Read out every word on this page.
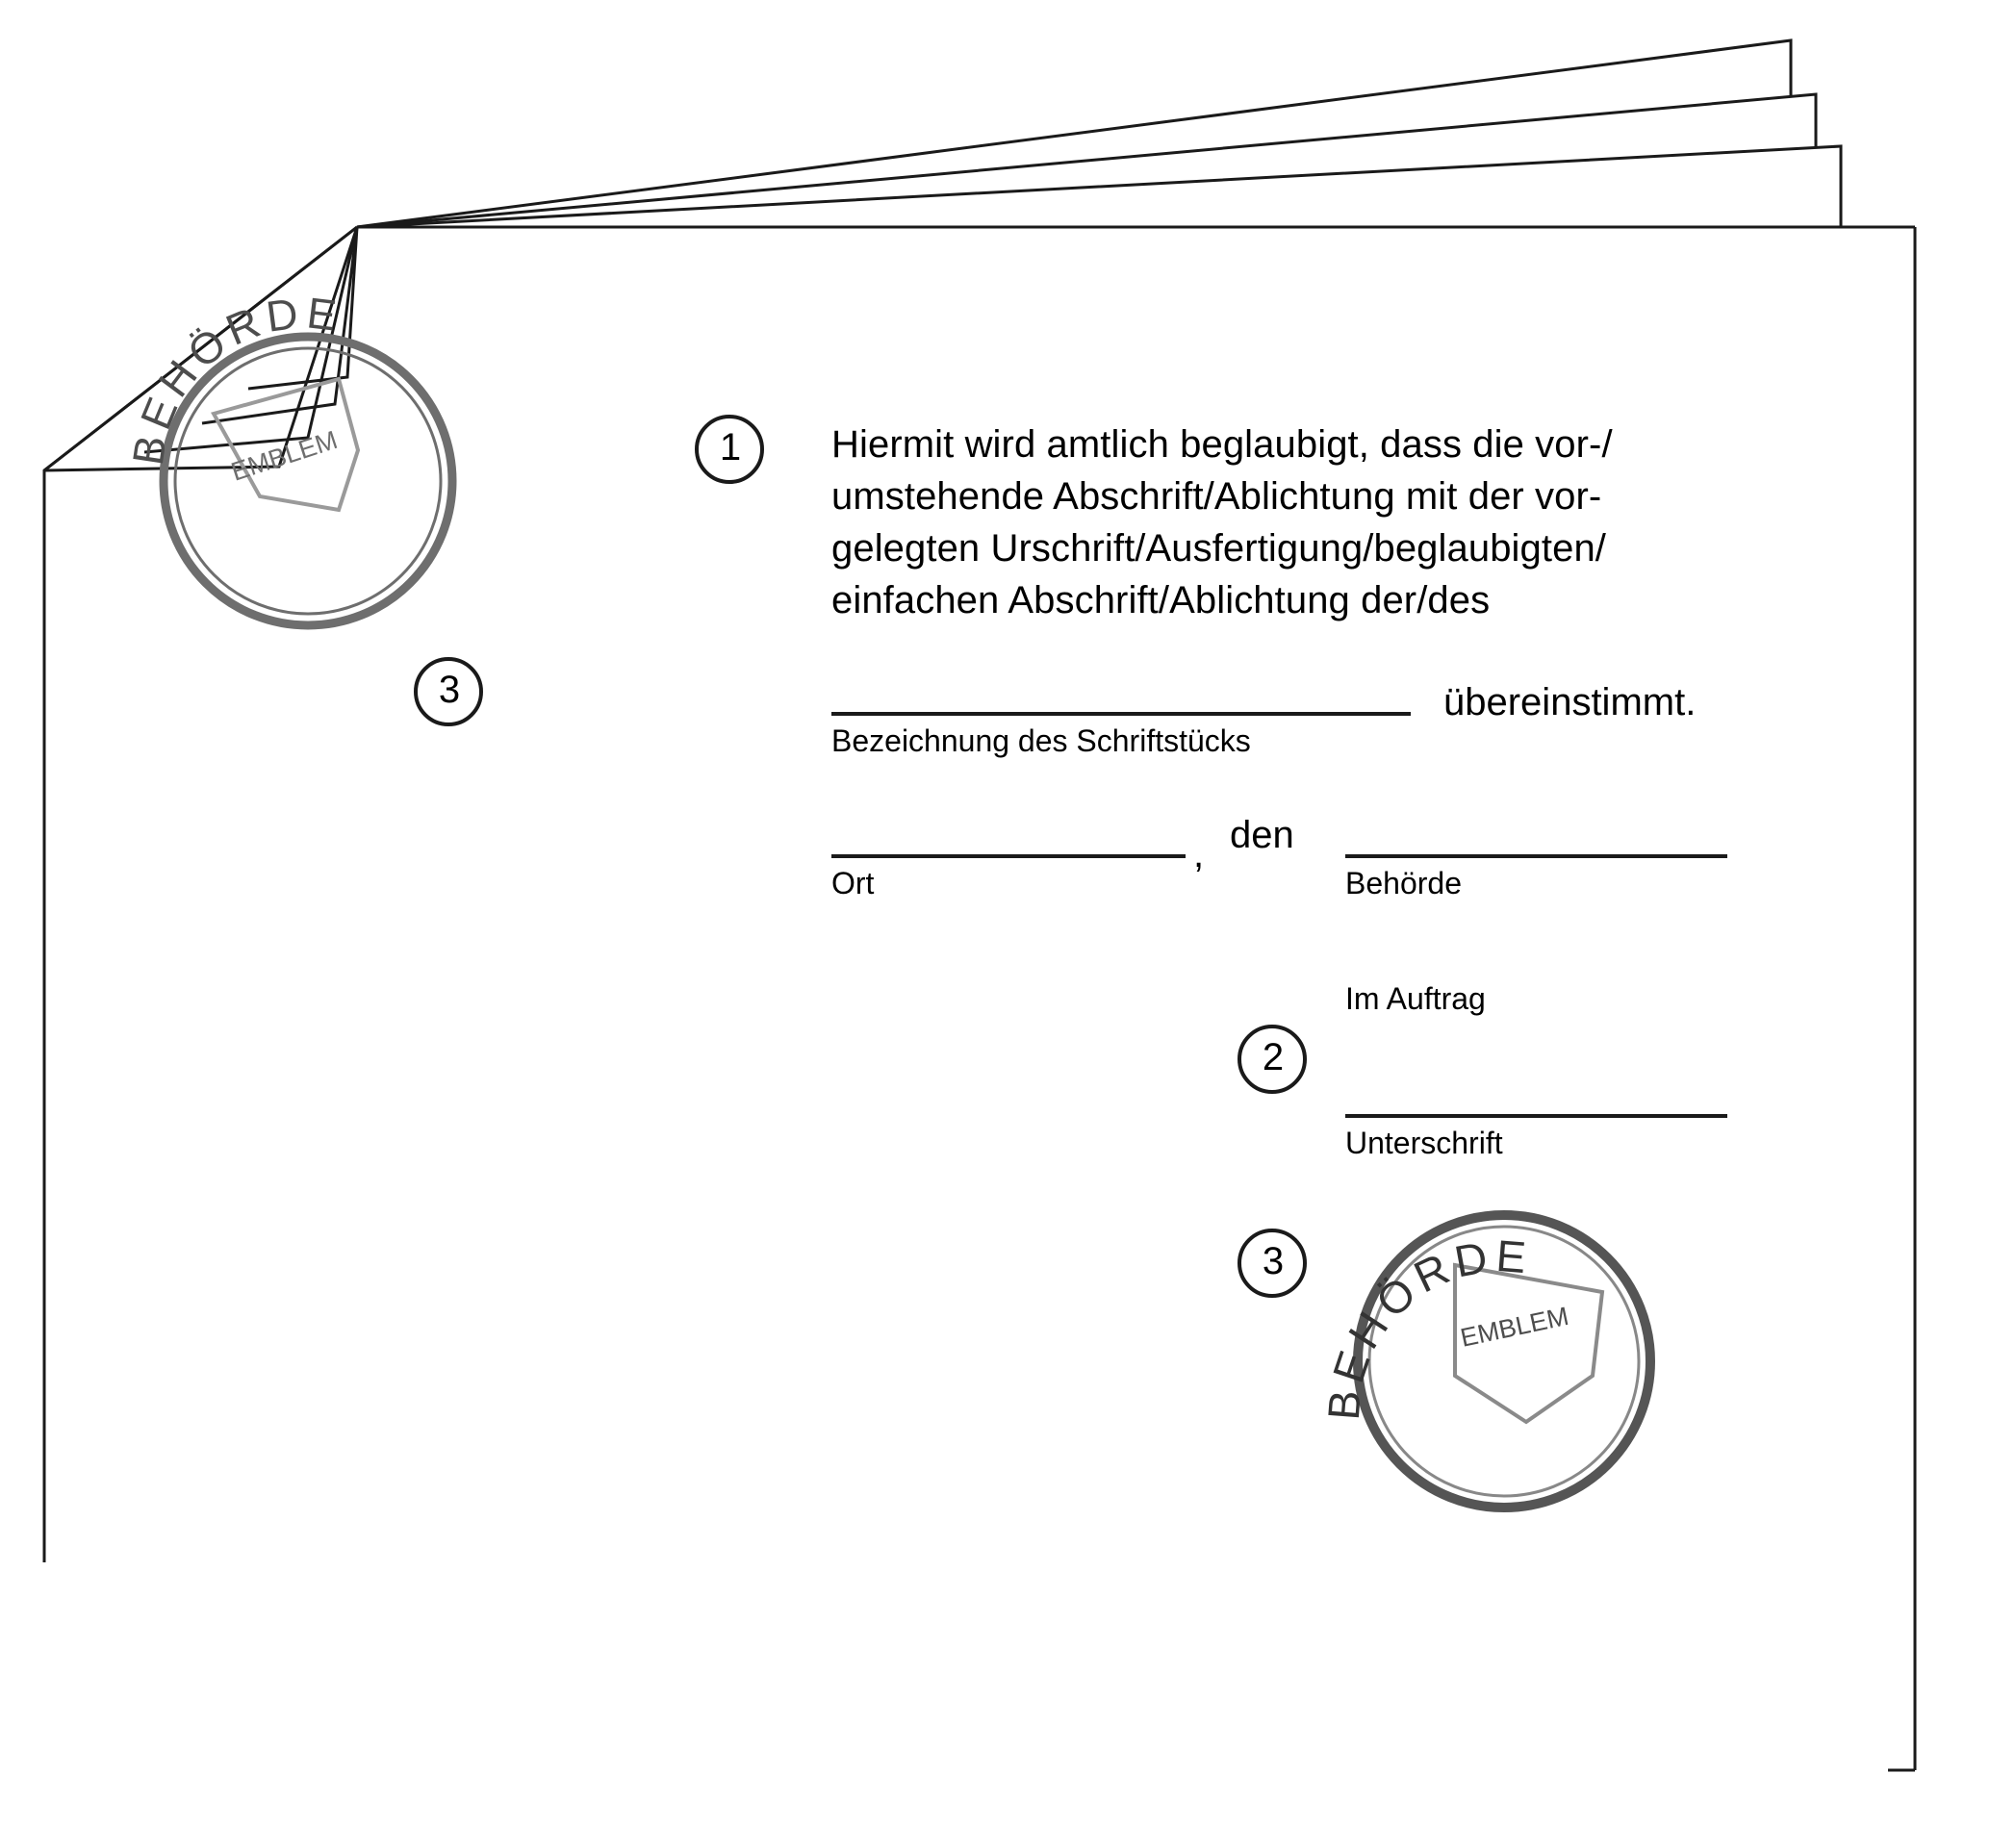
EMBLEM
BEHÖRDE
EMBLEM
BEHÖRDE
1
2
3
3
Hiermit wird amtlich beglaubigt, dass die vor-/
umstehende Abschrift/Ablichtung mit der vor-
gelegten Urschrift/Ausfertigung/beglaubigten/
einfachen Abschrift/Ablichtung der/des
übereinstimmt.
Bezeichnung des Schriftstücks
, den
Ort	Behörde
Im Auftrag
Unterschrift
